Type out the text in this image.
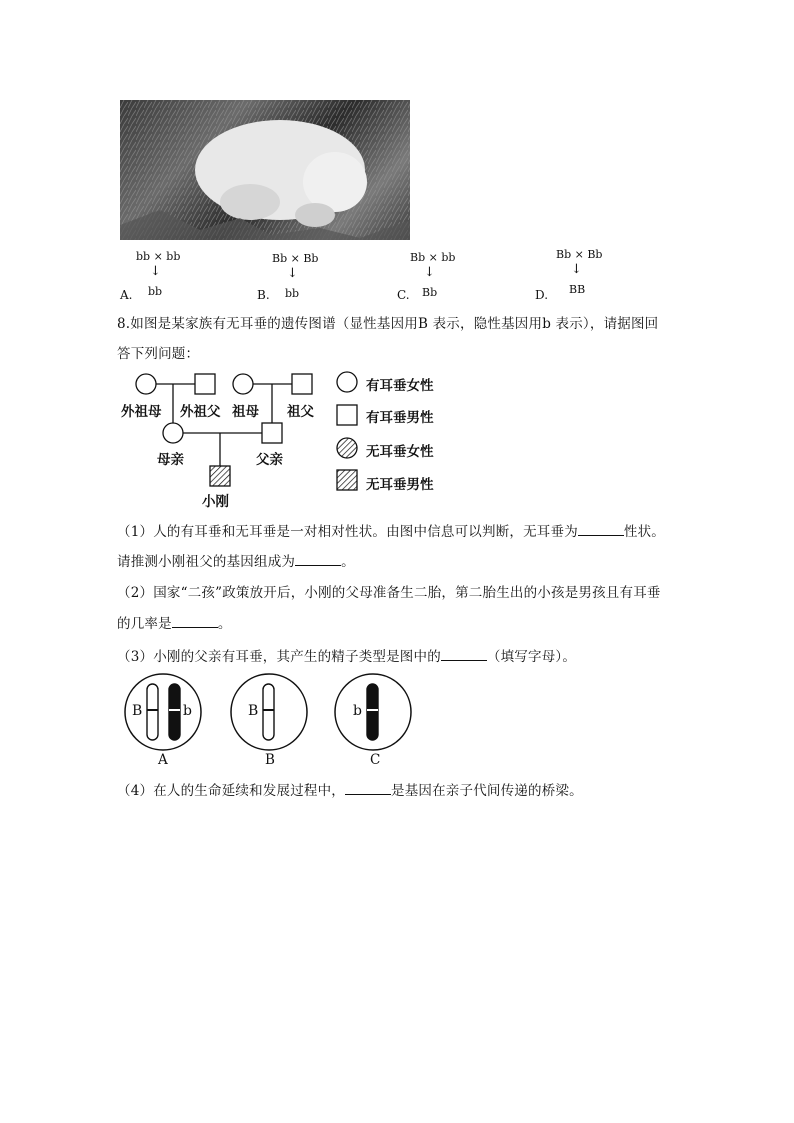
bb × bb
↓
bb
A.
Bb × Bb
↓
bb
B.
Bb × bb
↓
Bb
C.
Bb × Bb
↓
BB
D.
8.如图是某家族有无耳垂的遗传图谱（显性基因用B 表示，隐性基因用b 表示），请据图回
答下列问题：
外祖母 外祖父 祖母 祖父
母亲	父亲
小刚
有耳垂女性
有耳垂男性
无耳垂女性
无耳垂男性
（1）人的有耳垂和无耳垂是一对相对性状。由图中信息可以判断，无耳垂为	性状。
请推测小刚祖父的基因组成为	。
（2）国家“二孩”政策放开后，小刚的父母准备生二胎，第二胎生出的小孩是男孩且有耳垂
的几率是	。
（3）小刚的父亲有耳垂，其产生的精子类型是图中的	（填写字母）。
B	b
A
B
B
b
C
（4）在人的生命延续和发展过程中，	是基因在亲子代间传递的桥梁。
